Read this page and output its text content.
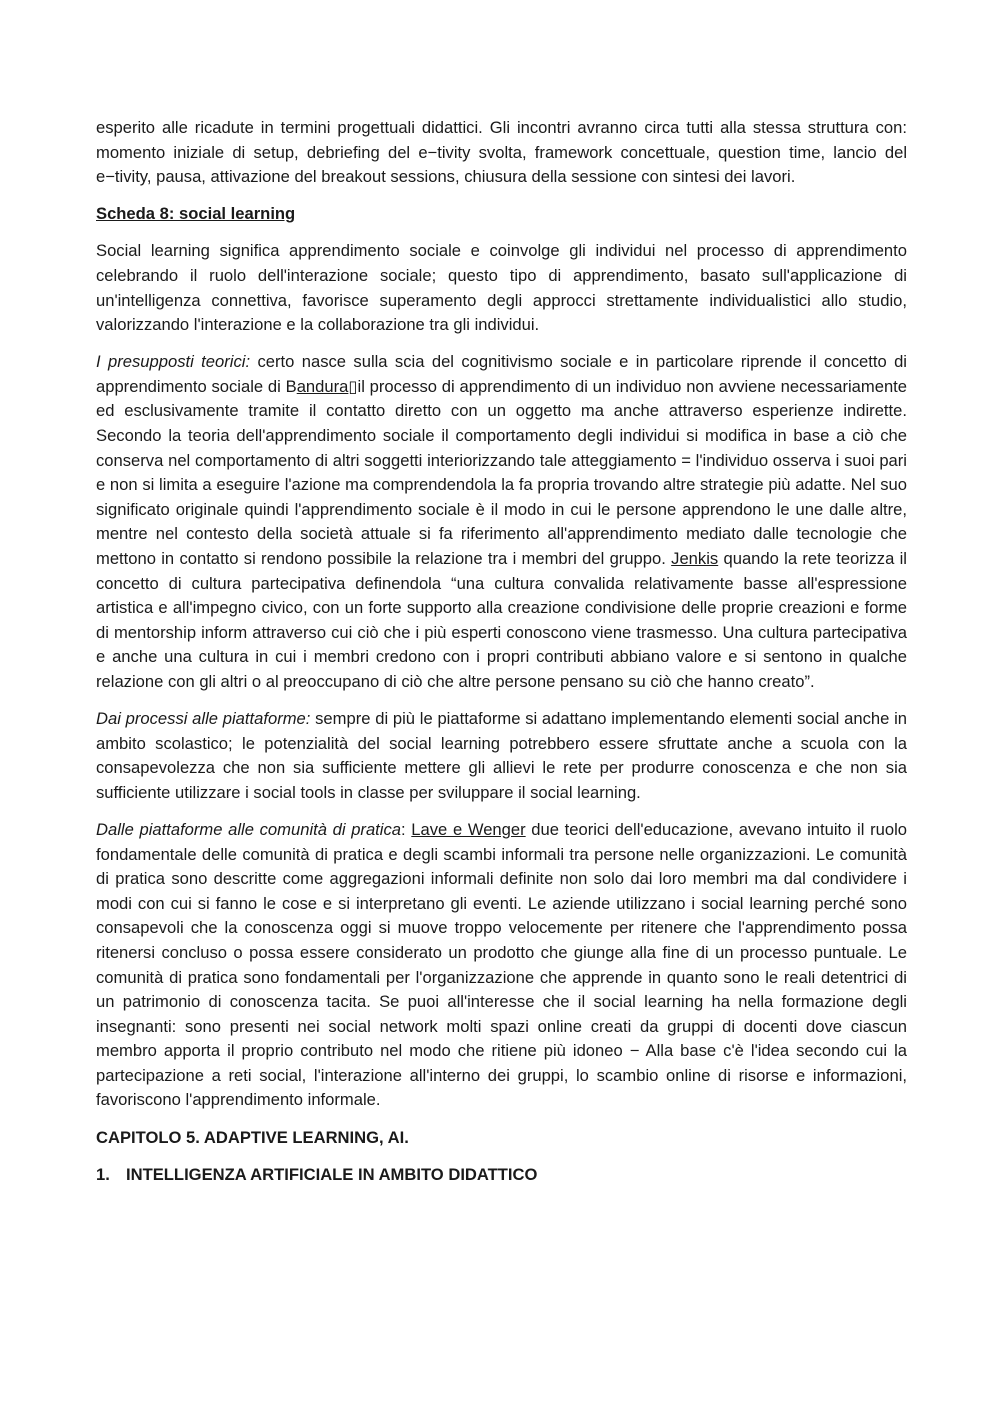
esperito alle ricadute in termini progettuali didattici. Gli incontri avranno circa tutti alla stessa struttura con: momento iniziale di setup, debriefing del e−tivity svolta, framework concettuale, question time, lancio del e−tivity, pausa, attivazione del breakout sessions, chiusura della sessione con sintesi dei lavori.

Scheda 8: social learning

Social learning significa apprendimento sociale e coinvolge gli individui nel processo di apprendimento celebrando il ruolo dell'interazione sociale; questo tipo di apprendimento, basato sull'applicazione di un'intelligenza connettiva, favorisce superamento degli approcci strettamente individualistici allo studio, valorizzando l'interazione e la collaborazione tra gli individui.

I presupposti teorici: certo nasce sulla scia del cognitivismo sociale e in particolare riprende il concetto di apprendimento sociale di Bandura▯il processo di apprendimento di un individuo non avviene necessariamente ed esclusivamente tramite il contatto diretto con un oggetto ma anche attraverso esperienze indirette. Secondo la teoria dell'apprendimento sociale il comportamento degli individui si modifica in base a ciò che conserva nel comportamento di altri soggetti interiorizzando tale atteggiamento = l'individuo osserva i suoi pari e non si limita a eseguire l'azione ma comprendendola la fa propria trovando altre strategie più adatte. Nel suo significato originale quindi l'apprendimento sociale è il modo in cui le persone apprendono le une dalle altre, mentre nel contesto della società attuale si fa riferimento all'apprendimento mediato dalle tecnologie che mettono in contatto si rendono possibile la relazione tra i membri del gruppo. Jenkis quando la rete teorizza il concetto di cultura partecipativa definendola “una cultura convalida relativamente basse all'espressione artistica e all'impegno civico, con un forte supporto alla creazione condivisione delle proprie creazioni e forme di mentorship inform attraverso cui ciò che i più esperti conoscono viene trasmesso. Una cultura partecipativa e anche una cultura in cui i membri credono con i propri contributi abbiano valore e si sentono in qualche relazione con gli altri o al preoccupano di ciò che altre persone pensano su ciò che hanno creato”.

Dai processi alle piattaforme: sempre di più le piattaforme si adattano implementando elementi social anche in ambito scolastico; le potenzialità del social learning potrebbero essere sfruttate anche a scuola con la consapevolezza che non sia sufficiente mettere gli allievi le rete per produrre conoscenza e che non sia sufficiente utilizzare i social tools in classe per sviluppare il social learning.

Dalle piattaforme alle comunità di pratica: Lave e Wenger due teorici dell'educazione, avevano intuito il ruolo fondamentale delle comunità di pratica e degli scambi informali tra persone nelle organizzazioni. Le comunità di pratica sono descritte come aggregazioni informali definite non solo dai loro membri ma dal condividere i modi con cui si fanno le cose e si interpretano gli eventi. Le aziende utilizzano i social learning perché sono consapevoli che la conoscenza oggi si muove troppo velocemente per ritenere che l'apprendimento possa ritenersi concluso o possa essere considerato un prodotto che giunge alla fine di un processo puntuale. Le comunità di pratica sono fondamentali per l'organizzazione che apprende in quanto sono le reali detentrici di un patrimonio di conoscenza tacita. Se puoi all'interesse che il social learning ha nella formazione degli insegnanti: sono presenti nei social network molti spazi online creati da gruppi di docenti dove ciascun membro apporta il proprio contributo nel modo che ritiene più idoneo − Alla base c'è l'idea secondo cui la partecipazione a reti social, l'interazione all'interno dei gruppi, lo scambio online di risorse e informazioni, favoriscono l'apprendimento informale.

CAPITOLO 5. ADAPTIVE LEARNING, AI.
1. INTELLIGENZA ARTIFICIALE IN AMBITO DIDATTICO
